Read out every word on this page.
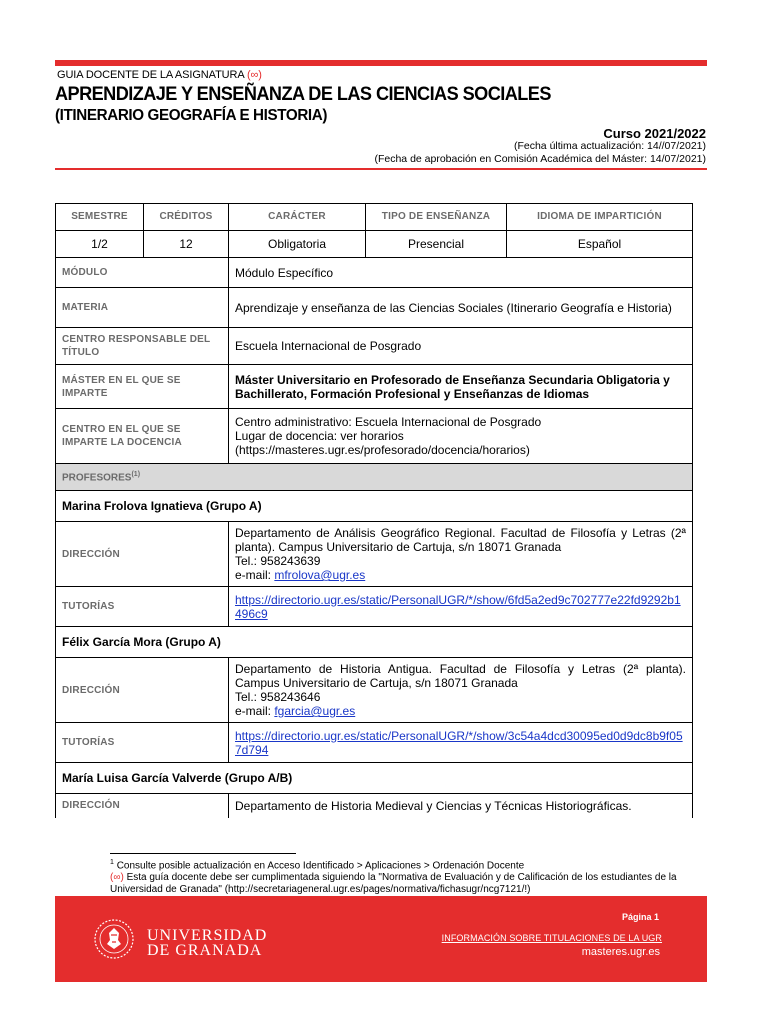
GUIA DOCENTE DE LA ASIGNATURA (∞)
APRENDIZAJE Y ENSEÑANZA DE LAS CIENCIAS SOCIALES
(ITINERARIO GEOGRAFÍA E HISTORIA)
Curso 2021/2022
(Fecha última actualización: 14//07/2021)
(Fecha de aprobación en Comisión Académica del Máster: 14/07/2021)
SEMESTRE	CRÉDITOS	CARÁCTER	TIPO DE ENSEÑANZA	IDIOMA DE IMPARTICIÓN
1/2	12	Obligatoria	Presencial	Español
MÓDULO		Módulo Específico		
MATERIA		Aprendizaje y enseñanza de las Ciencias Sociales (Itinerario Geografía e Historia)		
CENTRO RESPONSABLE DEL TÍTULO		Escuela Internacional de Posgrado		
MÁSTER EN EL QUE SE IMPARTE		Máster Universitario en Profesorado de Enseñanza Secundaria Obligatoria y Bachillerato, Formación Profesional y Enseñanzas de Idiomas		
CENTRO EN EL QUE SE IMPARTE LA DOCENCIA		Centro administrativo: Escuela Internacional de Posgrado
Lugar de docencia: ver horarios
(https://masteres.ugr.es/profesorado/docencia/horarios)		

PROFESORES$^{(1)}$
Marina Frolova Ignatieva (Grupo A)				
DIRECCIÓN		Departamento de Análisis Geográfico Regional. Facultad de Filosofía y Letras (2ª planta). Campus Universitario de Cartuja, s/n 18071 Granada
Tel.: 958243639
e-mail: mfrolova@ugr.es		

TUTORÍAS		https://directorio.ugr.es/static/PersonalUGR/*/show/6fd5a2ed9c702777e22fd9292b1496c9		
Félix García Mora (Grupo A)				
DIRECCIÓN		Departamento de Historia Antigua. Facultad de Filosofía y Letras (2ª planta). Campus Universitario de Cartuja, s/n 18071 Granada
Tel.: 958243646
e-mail: fgarcia@ugr.es		

TUTORÍAS		https://directorio.ugr.es/static/PersonalUGR/*/show/3c54a4dcd30095ed0d9dc8b9f057d794		
María Luisa García Valverde (Grupo A/B)				
DIRECCIÓN		Departamento de Historia Medieval y Ciencias y Técnicas Historiográficas.		
$^1$ Consulte posible actualización en Acceso Identificado > Aplicaciones > Ordenación Docente
(∞) Esta guía docente debe ser cumplimentada siguiendo la "Normativa de Evaluación y de Calificación de los estudiantes de la Universidad de Granada" (http://secretariageneral.ugr.es/pages/normativa/fichasugr/ncg7121/!)
UNIVERSIDAD
DE GRANADA
Página 1
INFORMACIÓN SOBRE TITULACIONES DE LA UGR
masteres.ugr.es
